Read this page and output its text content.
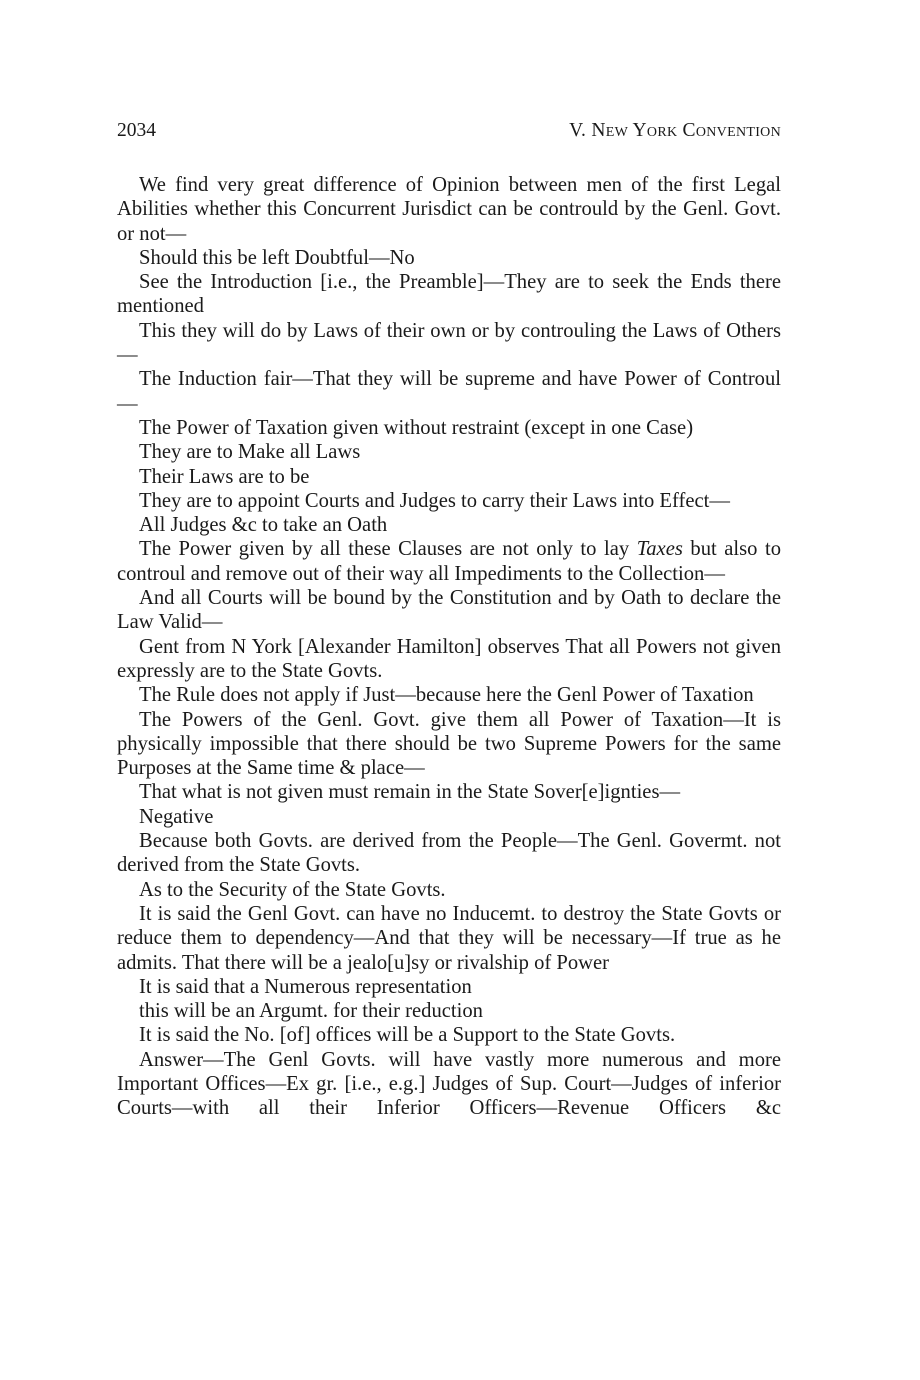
2034	V. New York Convention

We find very great difference of Opinion between men of the first Legal Abilities whether this Concurrent Jurisdict can be contrould by the Genl. Govt. or not—

Should this be left Doubtful—No

See the Introduction [i.e., the Preamble]—They are to seek the Ends there mentioned

This they will do by Laws of their own or by controuling the Laws of Others—

The Induction fair—That they will be supreme and have Power of Controul—

The Power of Taxation given without restraint (except in one Case)

They are to Make all Laws

Their Laws are to be

They are to appoint Courts and Judges to carry their Laws into Effect—

All Judges &c to take an Oath

The Power given by all these Clauses are not only to lay Taxes but also to controul and remove out of their way all Impediments to the Collection—

And all Courts will be bound by the Constitution and by Oath to declare the Law Valid—

Gent from N York [Alexander Hamilton] observes That all Powers not given expressly are to the State Govts.

The Rule does not apply if Just—because here the Genl Power of Taxation

The Powers of the Genl. Govt. give them all Power of Taxation—It is physically impossible that there should be two Supreme Powers for the same Purposes at the Same time & place—

That what is not given must remain in the State Sover[e]ignties—

Negative

Because both Govts. are derived from the People—The Genl. Govermt. not derived from the State Govts.

As to the Security of the State Govts.

It is said the Genl Govt. can have no Inducemt. to destroy the State Govts or reduce them to dependency—And that they will be necessary—If true as he admits. That there will be a jealo[u]sy or rivalship of Power

It is said that a Numerous representation

this will be an Argumt. for their reduction

It is said the No. [of] offices will be a Support to the State Govts.

Answer—The Genl Govts. will have vastly more numerous and more Important Offices—Ex gr. [i.e., e.g.] Judges of Sup. Court—Judges of inferior Courts—with all their Inferior Officers—Revenue Officers &c
